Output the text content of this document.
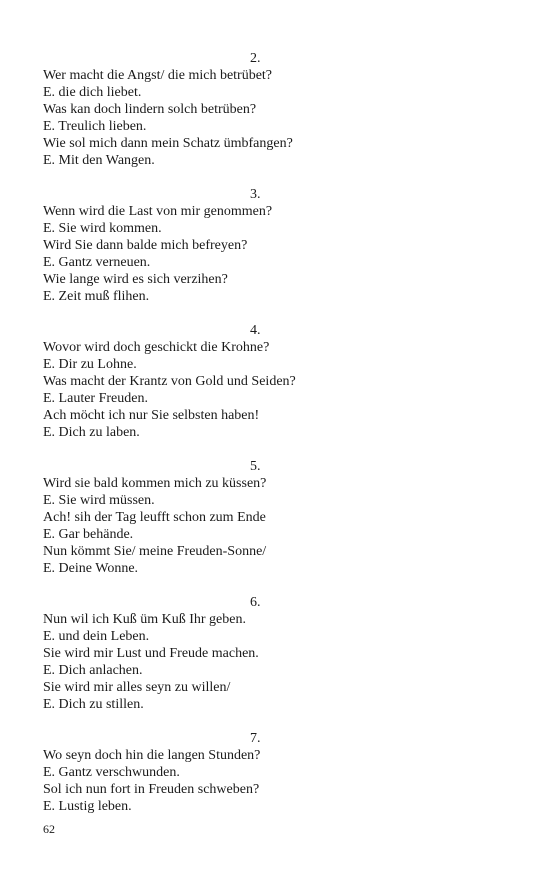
2.
Wer macht die Angst/ die mich betrübet?
E. die dich liebet.
Was kan doch lindern solch betrüben?
E. Treulich lieben.
Wie sol mich dann mein Schatz ümbfangen?
E. Mit den Wangen.
3.
Wenn wird die Last von mir genommen?
E. Sie wird kommen.
Wird Sie dann balde mich befreyen?
E. Gantz verneuen.
Wie lange wird es sich verzihen?
E. Zeit muß flihen.
4.
Wovor wird doch geschickt die Krohne?
E. Dir zu Lohne.
Was macht der Krantz von Gold und Seiden?
E. Lauter Freuden.
Ach möcht ich nur Sie selbsten haben!
E. Dich zu laben.
5.
Wird sie bald kommen mich zu küssen?
E. Sie wird müssen.
Ach! sih der Tag leufft schon zum Ende
E. Gar behände.
Nun kömmt Sie/ meine Freuden-Sonne/
E. Deine Wonne.
6.
Nun wil ich Kuß üm Kuß Ihr geben.
E. und dein Leben.
Sie wird mir Lust und Freude machen.
E. Dich anlachen.
Sie wird mir alles seyn zu willen/
E. Dich zu stillen.
7.
Wo seyn doch hin die langen Stunden?
E. Gantz verschwunden.
Sol ich nun fort in Freuden schweben?
E. Lustig leben.
62
